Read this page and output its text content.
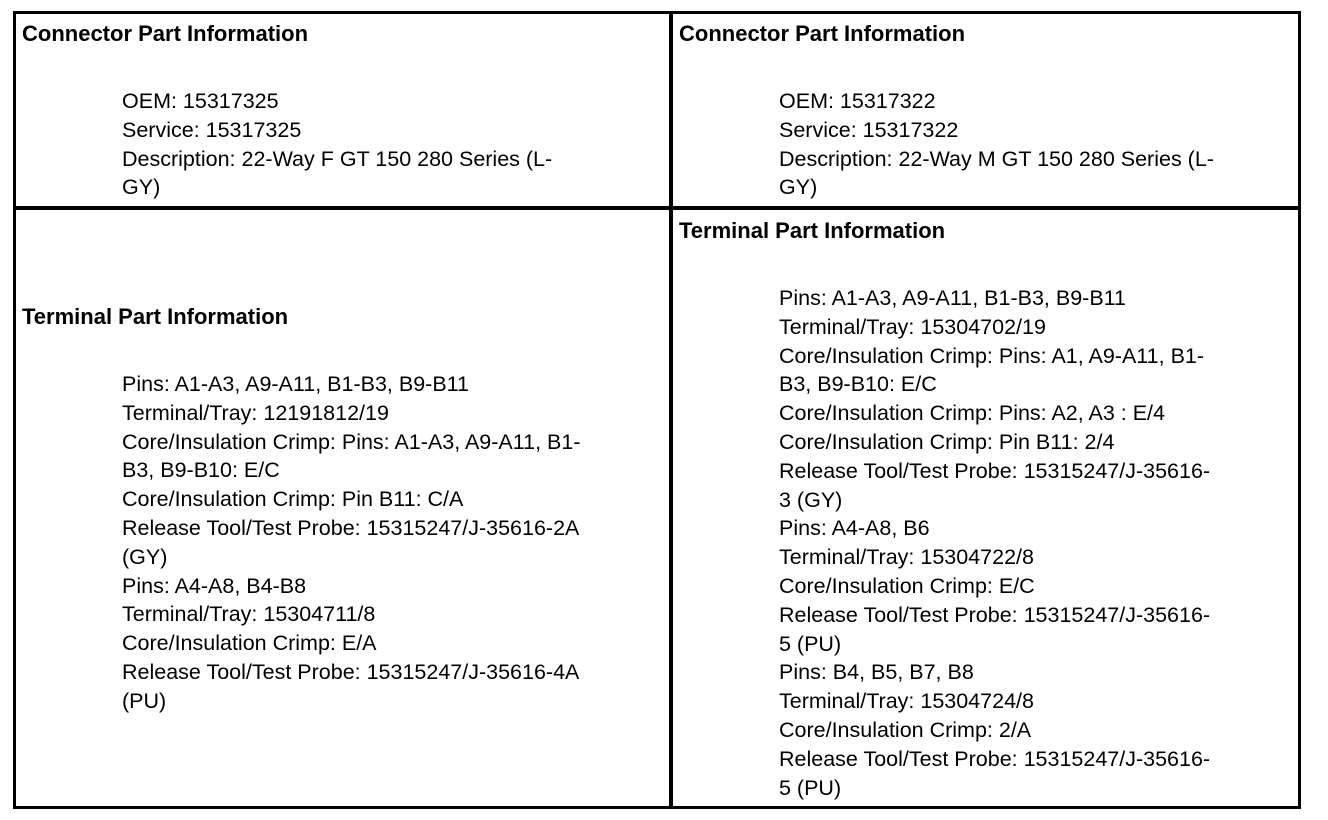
Connector Part Information
OEM: 15317325
Service: 15317325
Description: 22-Way F GT 150 280 Series (L-
GY)
Connector Part Information
OEM: 15317322
Service: 15317322
Description: 22-Way M GT 150 280 Series (L-
GY)
Terminal Part Information
Pins: A1-A3, A9-A11, B1-B3, B9-B11
Terminal/Tray: 12191812/19
Core/Insulation Crimp: Pins: A1-A3, A9-A11, B1-
B3, B9-B10: E/C
Core/Insulation Crimp: Pin B11: C/A
Release Tool/Test Probe: 15315247/J-35616-2A
(GY)
Pins: A4-A8, B4-B8
Terminal/Tray: 15304711/8
Core/Insulation Crimp: E/A
Release Tool/Test Probe: 15315247/J-35616-4A
(PU)
Terminal Part Information
Pins: A1-A3, A9-A11, B1-B3, B9-B11
Terminal/Tray: 15304702/19
Core/Insulation Crimp: Pins: A1, A9-A11, B1-
B3, B9-B10: E/C
Core/Insulation Crimp: Pins: A2, A3 : E/4
Core/Insulation Crimp: Pin B11: 2/4
Release Tool/Test Probe: 15315247/J-35616-
3 (GY)
Pins: A4-A8, B6
Terminal/Tray: 15304722/8
Core/Insulation Crimp: E/C
Release Tool/Test Probe: 15315247/J-35616-
5 (PU)
Pins: B4, B5, B7, B8
Terminal/Tray: 15304724/8
Core/Insulation Crimp: 2/A
Release Tool/Test Probe: 15315247/J-35616-
5 (PU)
